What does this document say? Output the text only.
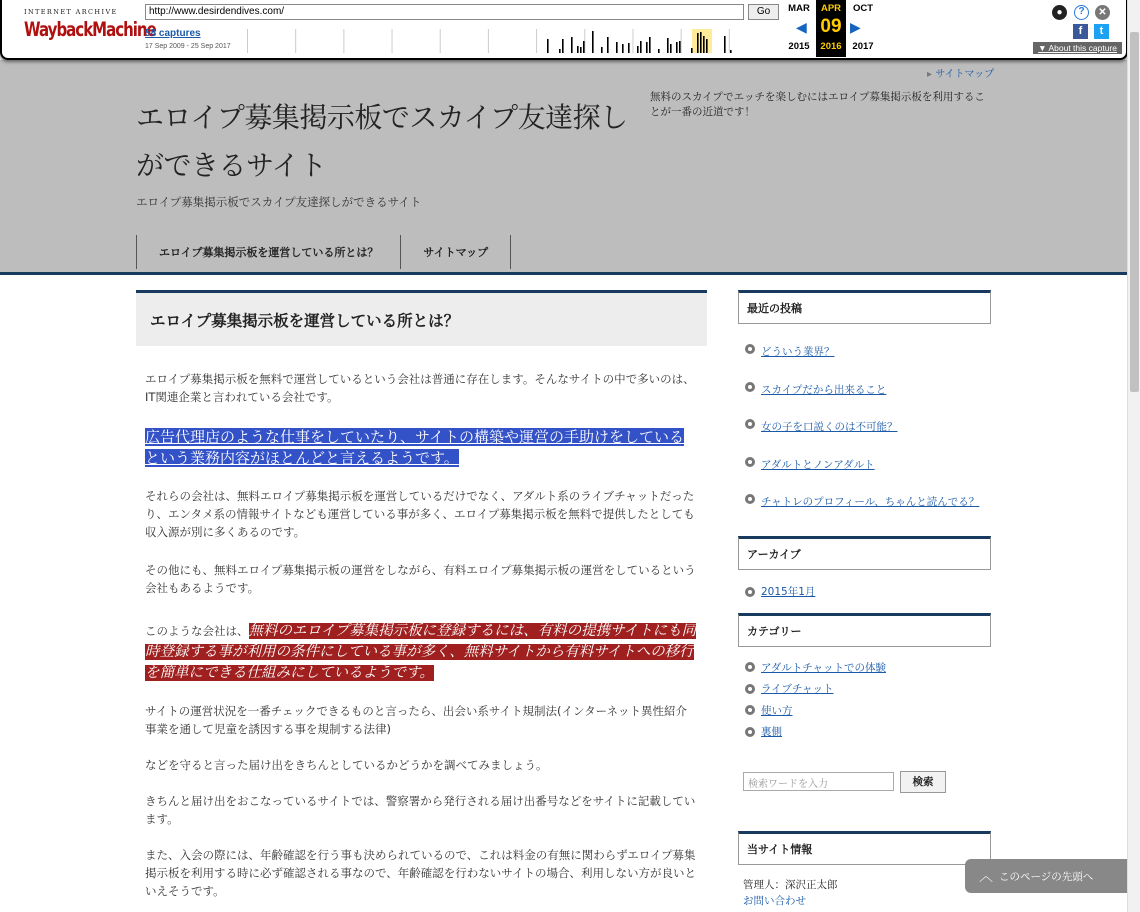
INTERNET ARCHIVE
WaybackMachine
http://www.desirdendives.com/	Go
58 captures
17 Sep 2009 - 25 Sep 2017
MAR
2015
◀
APR
09
2016
▶
OCT
2017
●	?	✕
f	t
▼ About this capture
▸ サイトマップ
エロイプ募集掲示板でスカイプ友達探しができるサイト
無料のスカイプでエッチを楽しむにはエロイプ募集掲示板を利用することが一番の近道です！
エロイプ募集掲示板でスカイプ友達探しができるサイト
エロイプ募集掲示板を運営している所とは？	サイトマップ
エロイプ募集掲示板を運営している所とは？

エロイプ募集掲示板を無料で運営しているという会社は普通に存在します。そんなサイトの中で多いのは、IT関連企業と言われている会社です。

広告代理店のような仕事をしていたり、サイトの構築や運営の手助けをしているという業務内容がほとんどと言えるようです。

それらの会社は、無料エロイプ募集掲示板を運営しているだけでなく、アダルト系のライブチャットだったり、エンタメ系の情報サイトなども運営している事が多く、エロイプ募集掲示板を無料で提供したとしても収入源が別に多くあるのです。

その他にも、無料エロイプ募集掲示板の運営をしながら、有料エロイプ募集掲示板の運営をしているという会社もあるようです。

このような会社は、無料のエロイプ募集掲示板に登録するには、有料の提携サイトにも同時登録する事が利用の条件にしている事が多く、無料サイトから有料サイトへの移行を簡単にできる仕組みにしているようです。

サイトの運営状況を一番チェックできるものと言ったら、出会い系サイト規制法(インターネット異性紹介事業を通して児童を誘因する事を規制する法律)

などを守ると言った届け出をきちんとしているかどうかを調べてみましょう。

きちんと届け出をおこなっているサイトでは、警察署から発行される届け出番号などをサイトに記載しています。

また、入会の際には、年齢確認を行う事も決められているので、これは料金の有無に関わらずエロイプ募集掲示板を利用する時に必ず確認される事なので、年齢確認を行わないサイトの場合、利用しない方が良いといえそうです。

最近の投稿
どういう業界？
スカイプだから出来ること
女の子を口説くのは不可能？
アダルトとノンアダルト
チャトレのプロフィール、ちゃんと読んでる？
アーカイブ
2015年1月
カテゴリー
アダルトチャットでの体験
ライブチャット
使い方
裏側
検索ワードを入力	検索
当サイト情報
管理人：深沢正太郎
お問い合わせ
︿ このページの先頭へ
